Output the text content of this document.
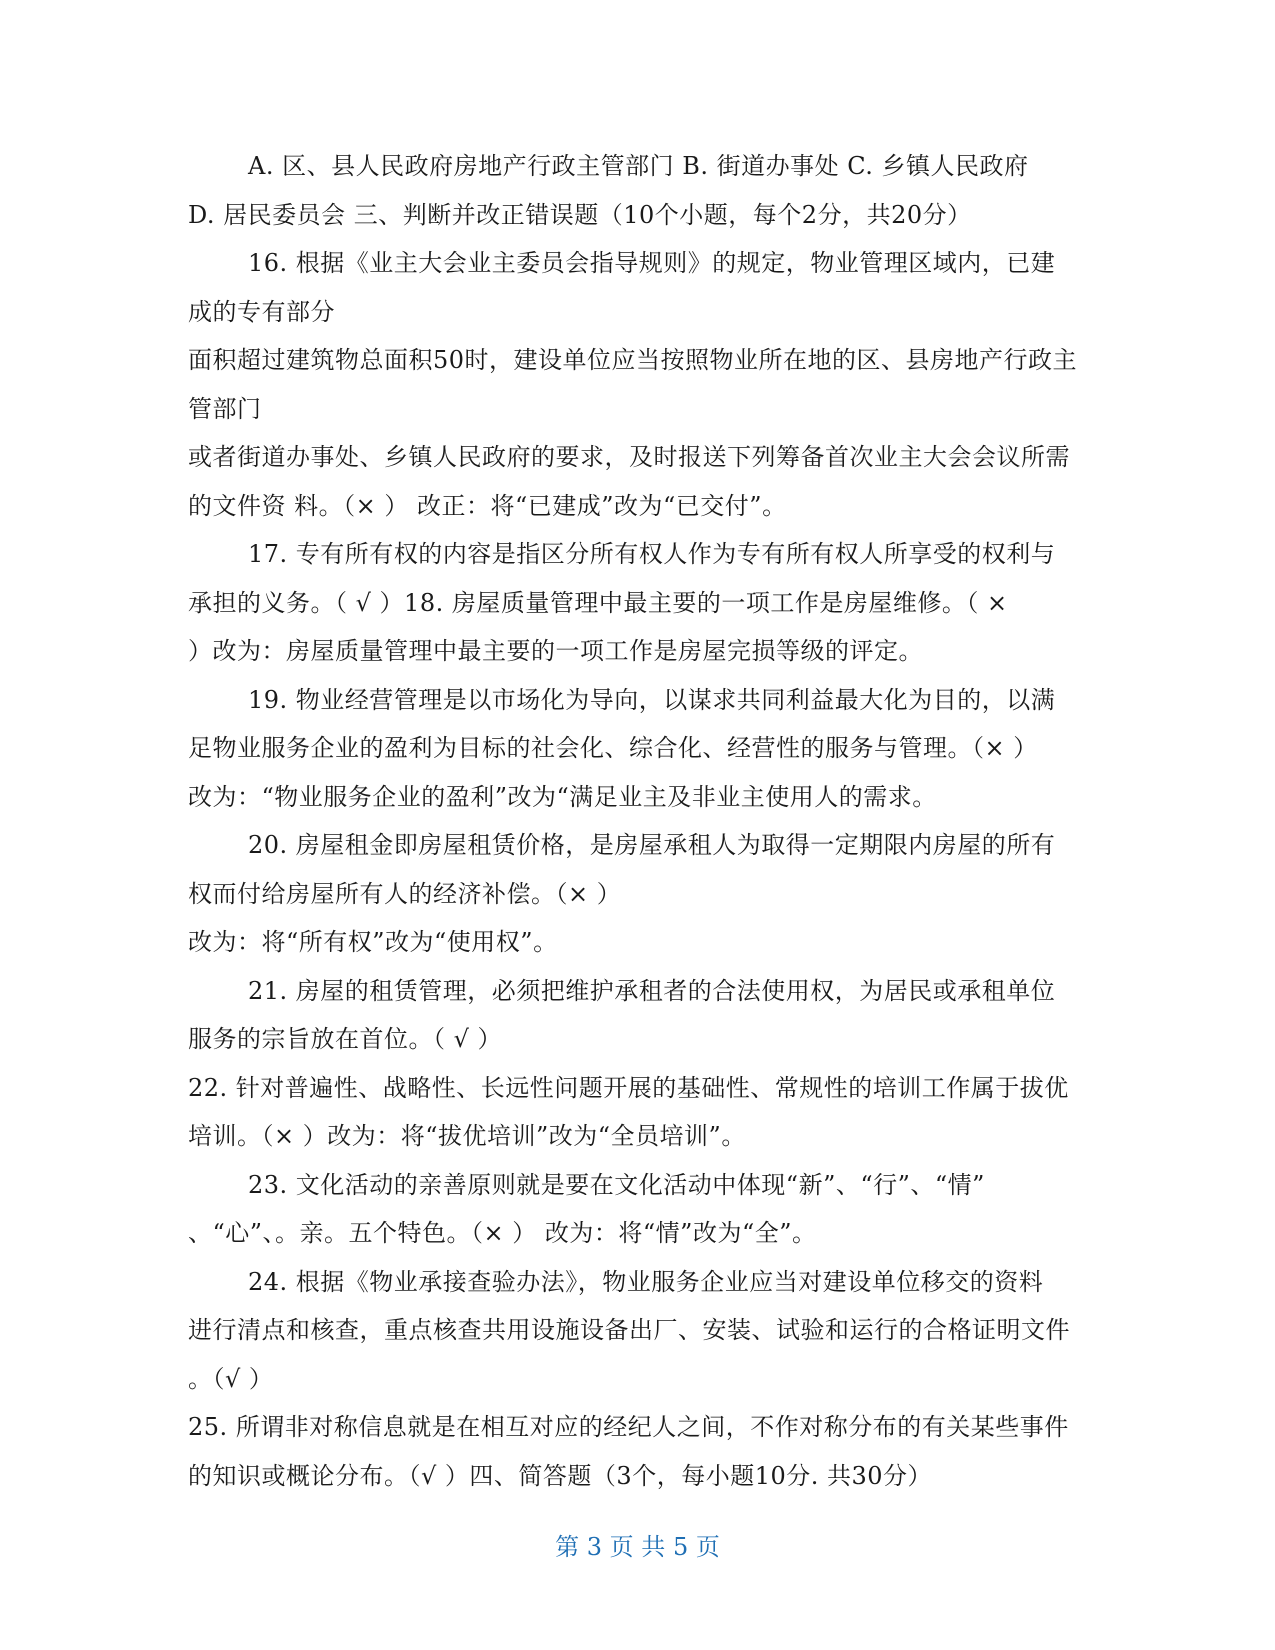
A. 区、县人民政府房地产行政主管部门 B. 街道办事处 C. 乡镇人民政府
D. 居民委员会 三、判断并改正错误题（10个小题，每个2分，共20分）
16. 根据《业主大会业主委员会指导规则》的规定，物业管理区域内，已建
成的专有部分
面积超过建筑物总面积50时，建设单位应当按照物业所在地的区、县房地产行政主
管部门
或者街道办事处、乡镇人民政府的要求，及时报送下列筹备首次业主大会会议所需
的文件资 料。（× ） 改正：将“已建成”改为“已交付”。
17. 专有所有权的内容是指区分所有权人作为专有所有权人所享受的权利与
承担的义务。（ √ ）18. 房屋质量管理中最主要的一项工作是房屋维修。（ ×
）改为：房屋质量管理中最主要的一项工作是房屋完损等级的评定。
19. 物业经营管理是以市场化为导向，以谋求共同利益最大化为目的，以满
足物业服务企业的盈利为目标的社会化、综合化、经营性的服务与管理。（× ）
改为：“物业服务企业的盈利”改为“满足业主及非业主使用人的需求。
20. 房屋租金即房屋租赁价格，是房屋承租人为取得一定期限内房屋的所有
权而付给房屋所有人的经济补偿。（× ）
改为：将“所有权”改为“使用权”。
21. 房屋的租赁管理，必须把维护承租者的合法使用权，为居民或承租单位
服务的宗旨放在首位。（ √ ）
22. 针对普遍性、战略性、长远性问题开展的基础性、常规性的培训工作属于拔优
培训。（× ）改为：将“拔优培训”改为“全员培训”。
23. 文化活动的亲善原则就是要在文化活动中体现“新”、“行”、“情”
、“心”、。亲。五个特色。（× ） 改为：将“情”改为“全”。
24. 根据《物业承接查验办法》，物业服务企业应当对建设单位移交的资料
进行清点和核查，重点核查共用设施设备出厂、安装、试验和运行的合格证明文件
。（√ ）
25. 所谓非对称信息就是在相互对应的经纪人之间，不作对称分布的有关某些事件
的知识或概论分布。（√ ）四、简答题（3个，每小题10分. 共30分）
第 3 页 共 5 页
